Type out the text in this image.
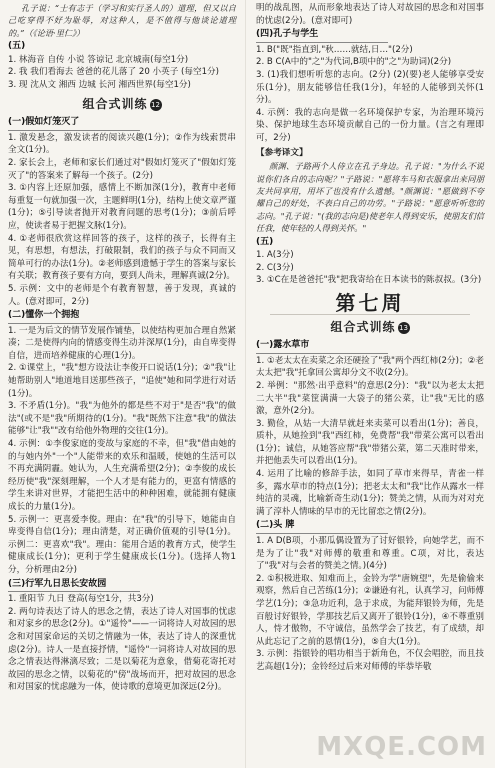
孔子说：“士有志于（学习和实行圣人的）道理，但又以自己吃穿得不好为耻辱，对这种人，是不值得与他谈论道理的。”（《论语·里仁》）

(五)

1. 林海音 自传 小说 答谅记 北京城南(每空1分)

2. 我 我们看海去 爸爸的花儿落了 20 小英子 (每空1分)

3. 现 沈从文 湘西 边城 长河 湘西世界(每空1分)

组合式训练 12
(一)假如灯笼灭了

1. 激发悬念，激发读者的阅读兴趣(1分)；②作为线索贯串全文(1分)。

2. 家长会上，老师和家长们通过对"假如灯笼灭了"假如灯笼灭了"的答案来了解每一个孩子。(2分)

3. ①内容上还原加强，感情上不断加深(1分)，教育中老师每重复一句就加强一次，主题鲜明(1分)，结构上使文章严谨(1分)；⑤引导读者抛开对教育问题的思考(1分)；③前后呼应，使读者易于把握文脉(1分)。

4. ①老师很欣赏这样回答的孩子，这样的孩子，长得有主见，有思想，有想法，打破限制，我们的孩子与众不同而又简单可行的办法(1分)。②老师感到遗憾于学生的答案与家长有关联；教育孩子要有方向，要到人尚未，理解真诚(2分)。

5. 示例：文中的老师是个有教育智慧，善于发现，真诚的人。(意对即可，2分)

(二)懂你一个拥抱

1. 一是为后文的情节发展作铺垫，以使结构更加合理自然紧凑；二是使得内向的情感变得生动并深厚(1分)，由自卑变得自信，进而培养健康的心理(1分)。

2. ①课堂上，"我"想方设法让李俊开口说话(1分)；②"我"让她帮助别人"地道地目送那些孩子，"追使"她和同学进行对话(1分)。

3. 不矛盾(1分)。"我"为他外的都是些不对于"是否"我"的做法"(或不是"我"所期待的(1分)。"我"既然下注意"我"的做法能够"让"我""改有给他外物理的交往(1分)。

4. 示例：①李俊家庭的变故与家庭的不幸，但"我"借由她的的与她内外"一个"人能带来的欢乐和温暖，使她的生活可以不再充满阴霾。她认为，人生充满希望(2分)；②李俊的成长经历使"我"深刻理解，一个人才是有能力的，更富有情感的学生来讲对世界，才能把生活中的种种困难，就能拥有健康成长的力量(1分)。

5. 示例一：更喜爱李俊。理由：在"我"的引导下，她能由自卑变得自信(1分)；理由清楚，对正确价值观的引导(1分)。示例二：更喜欢"我"。理由：能用合适的教育方式，使学生健康成长(1分)；更利于学生健康成长(1分)。(选择人物1分，分析理由2分)

(三)行军九日思长安故园

1. 重阳节 九日 登高(每空1分，共3分)

2. 两句诗表达了诗人的思念之情，表达了诗人对国事的忧虑和对家乡的思念(2分)。①"遥怜"——一词将诗人对故园的思念和对国家命运的关切之情融为一体，表达了诗人的深重忧虑(2分)。诗人一是直接抒情，"遥怜"一词将诗人对故园的思念之情表达得淋漓尽致；二是以菊花为意象，借菊花寄托对故园的思念之情，以菊花的"傍"战场而开，把对故园的思念和对国家的忧虑融为一体，使诗歌的意境更加深远(2分)。

明的战乱图，从而形象地表达了诗人对故园的思念和对国事的忧虑(2分)。(意对即可)

(四)孔子与学生

1. B("既"指直到,"秋……就结,日…"(2分)

2. B C(A中的"之"为代词,B项中的"之"为助词)(2分)

3. (1)我们想听听您的志向。(2分) (2)(要)老人能够享受安乐(1分)，朋友能够信任我(1分)，年轻的人能够到关怀(1分)。

4. 示例：我的志向是做一名环境保护专家，为治理环境污染、保护地球生态环境贡献自己的一份力量。(言之有理即可，2分)

【参考译文】

颜渊、子路两个人侍立在孔子身边。孔子说："为什么不说说你们各自的志向呢？"子路说："愿将车马和衣服拿出来同朋友共同享用，用坏了也没有什么遗憾。"颜渊说："愿做到不夸耀自己的好处，不表白自己的功劳。"子路说："愿意听听您的志向。"孔子说："(我的志向是)使老年人得到安乐，使朋友们信任我，使年轻的人得到关怀。"

(五)

1. A(3分)

2. C(3分)

3. ①C在是爸爸托"我"把我寄给在日本读书的陈叔叔。(3分)

第七周
组合式训练 13
(一)露水草市

1. ①老太太在卖菜之余还硬捡了"我"两个西红柿(2分)；②老太太把"我"托拿回公寓却分文不收(2分)。

2. 举例："那然·出乎意料"的意思(2分)："我"以为老太太把二大半"我"菜筐满满一大袋子的猪公菜，让"我"无比的感激，意外(2分)。

3. 勤俭，从姑一大清早就赶来卖菜可以看出(1分)；善良，质朴，从她捡到"我"西红柿，免费帮"我"带菜公寓可以看出(1分)；诚信，从她答应帮"我"带猪公菜，第二天准时带来，并把他丢失可以看出(1分)。

4. 运用了比喻的修辞手法，如同了草市来得早，青雀一样多，露水草市的特点(1分)；把老太太和"我"比作从露水一样纯洁的灵魂，比喻新奇生动(1分)；赞美之情，从而为对对充满了淳朴人情味的早市的无比留恋之情(2分)。

(二)头 牌

1. A D(B项，小那瓜偶设置为了讨好银铃，向她学艺，而不是为了让"我"对师傅的敬重和尊重。C项，对比，表达了"我"对与会者的赞美之情。)(4分)

2. ①积极进取、知难而上，金铃为学"唐婉望"，先是偷偷来观察，然后自己苦练(1分)；②谦逊有礼，认真学习，问师傅学艺(1分)；③急功近利，急于求成，为能拜银铃为师，先是百般讨好银铃，学那技艺后又离开了银铃(1分)，④不尊重别人，恃才傲物，不守诚信，虽然学会了技艺，有了成绩，却从此忘记了之前的恩情(1分)，⑤自大(1分)。

3. 示例：指银铃的唱功相当于新角色，不仅会唱腔，而且技艺高超(1分)；金铃经过后来对师傅的毕恭毕敬

MXQE.COM
